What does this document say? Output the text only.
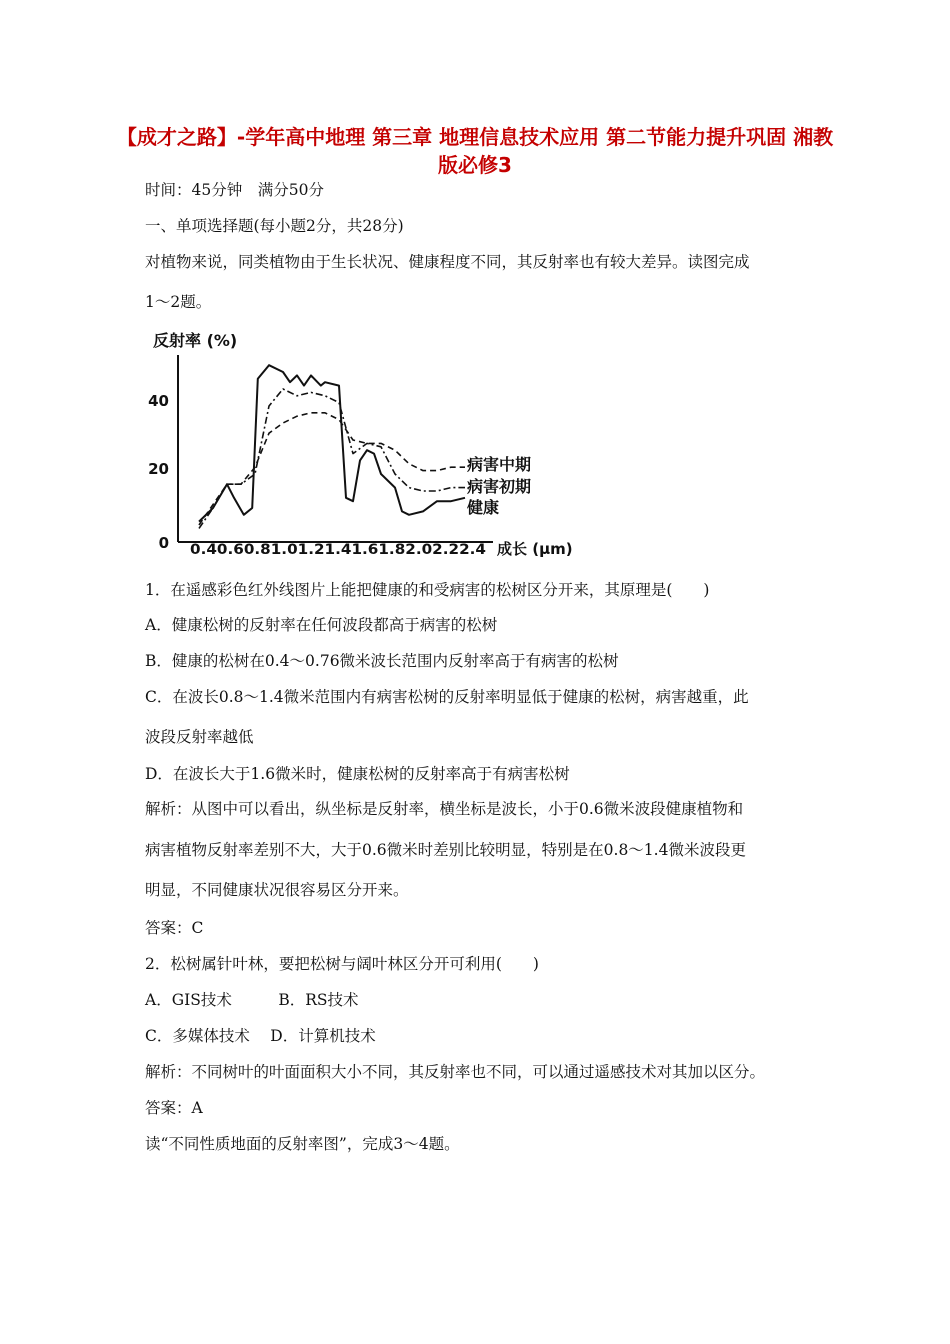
【成才之路】-学年高中地理 第三章 地理信息技术应用 第二节能力提升巩固 湘教版必修3
时间：45分钟　满分50分
一、单项选择题(每小题2分，共28分)
对植物来说，同类植物由于生长状况、健康程度不同，其反射率也有较大差异。读图完成
1～2题。
反射率 (%)
40
20
0 0.40.60.81.01.21.41.61.82.02.22.4 成长 (μm)
病害中期
病害初期
健康
1．在遥感彩色红外线图片上能把健康的和受病害的松树区分开来，其原理是(　　)
A．健康松树的反射率在任何波段都高于病害的松树
B．健康的松树在0.4～0.76微米波长范围内反射率高于有病害的松树
C．在波长0.8～1.4微米范围内有病害松树的反射率明显低于健康的松树，病害越重，此
波段反射率越低
D．在波长大于1.6微米时，健康松树的反射率高于有病害松树
解析：从图中可以看出，纵坐标是反射率，横坐标是波长，小于0.6微米波段健康植物和
病害植物反射率差别不大，大于0.6微米时差别比较明显，特别是在0.8～1.4微米波段更
明显，不同健康状况很容易区分开来。
答案：C
2．松树属针叶林，要把松树与阔叶林区分开可利用(　　)
A．GIS技术　　　B．RS技术
C．多媒体技术　 D．计算机技术
解析：不同树叶的叶面面积大小不同，其反射率也不同，可以通过遥感技术对其加以区分。
答案：A
读“不同性质地面的反射率图”，完成3～4题。
